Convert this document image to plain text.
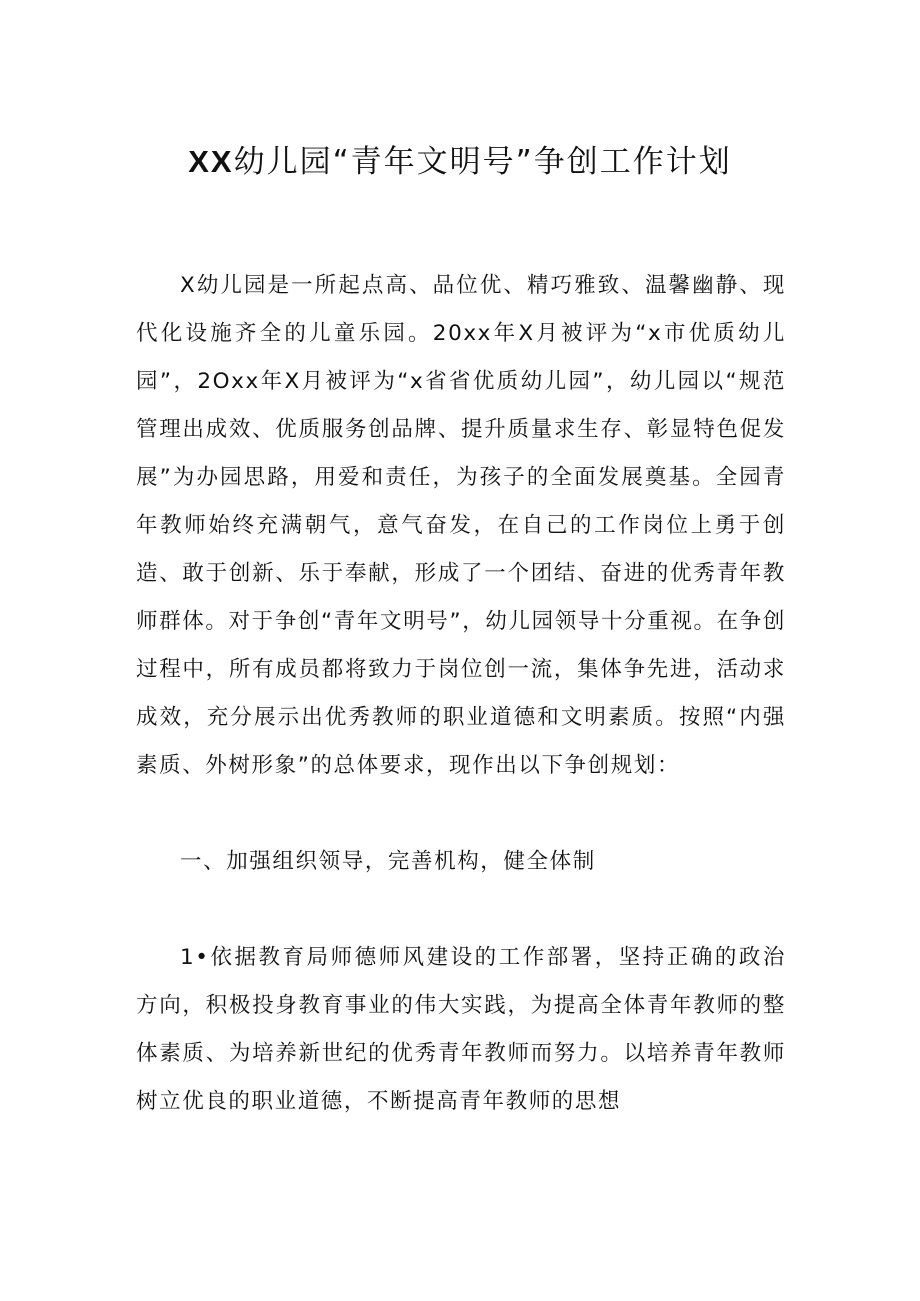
XX幼儿园“青年文明号”争创工作计划

X幼儿园是一所起点高、品位优、精巧雅致、温馨幽静、现代化设施齐全的儿童乐园。20xx年X月被评为“x市优质幼儿园”，2Oxx年X月被评为“x省省优质幼儿园”，幼儿园以“规范管理出成效、优质服务创品牌、提升质量求生存、彰显特色促发展”为办园思路，用爱和责任，为孩子的全面发展奠基。全园青年教师始终充满朝气，意气奋发，在自己的工作岗位上勇于创造、敢于创新、乐于奉献，形成了一个团结、奋进的优秀青年教师群体。对于争创“青年文明号”，幼儿园领导十分重视。在争创过程中，所有成员都将致力于岗位创一流，集体争先进，活动求成效，充分展示出优秀教师的职业道德和文明素质。按照“内强素质、外树形象”的总体要求，现作出以下争创规划：

一、加强组织领导，完善机构，健全体制

1•依据教育局师德师风建设的工作部署，坚持正确的政治方向，积极投身教育事业的伟大实践，为提高全体青年教师的整体素质、为培养新世纪的优秀青年教师而努力。以培养青年教师树立优良的职业道德，不断提高青年教师的思想
